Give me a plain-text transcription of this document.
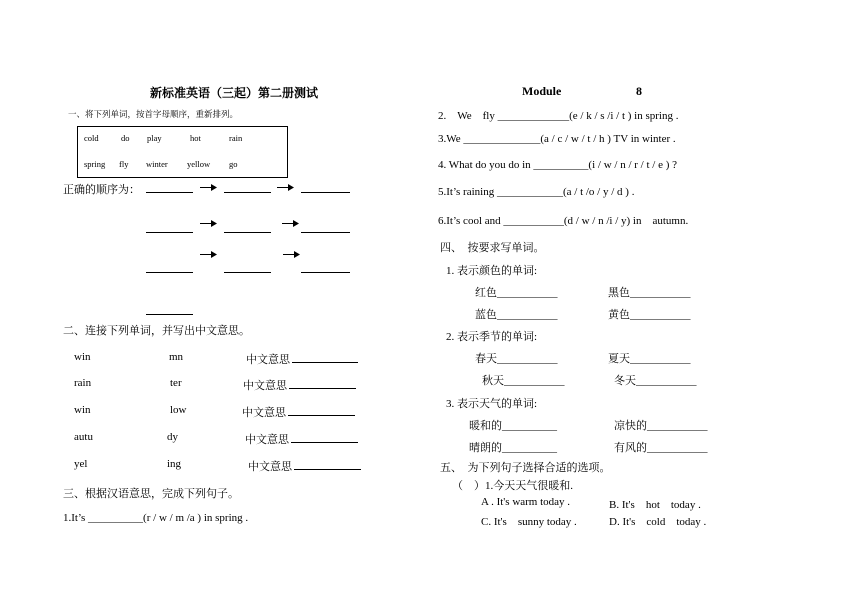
新标准英语（三起）第二册测试
一、将下列单词，按首字母顺序，重新排列。
cold	do play	hot	rain
spring fly winter yellow go
正确的顺序为：
二、连接下列单词，并写出中文意思。
win	mn	中文意思
rain	ter	中文意思
win	low	中文意思
autu	dy	中文意思
yel	ing	中文意思
三、根据汉语意思，完成下列句子。
1.It’s __________(r / w / m /a ) in spring .
Module	8
2.　We　fly _____________(e / k / s /i / t ) in spring .
3.We ______________(a / c / w / t / h ) TV in winter .
4. What do you do in __________(i / w / n / r / t / e ) ?
5.It’s raining ____________(a / t /o / y / d ) .
6.It’s cool and ___________(d / w / n /i / y) in　autumn.
四、　按要求写单词。
1. 表示颜色的单词:
红色___________	黑色___________
蓝色___________	黄色___________
2. 表示季节的单词:
春天___________	夏天___________
秋天___________	冬天___________
3. 表示天气的单词:
暖和的__________	凉快的___________
晴朗的__________	有风的___________
五、　为下列句子选择合适的选项。
（　）1.今天天气很暖和.
A . It's warm today .	B. It's　hot　today .
C. It's　sunny today .	D. It's　cold　today .
